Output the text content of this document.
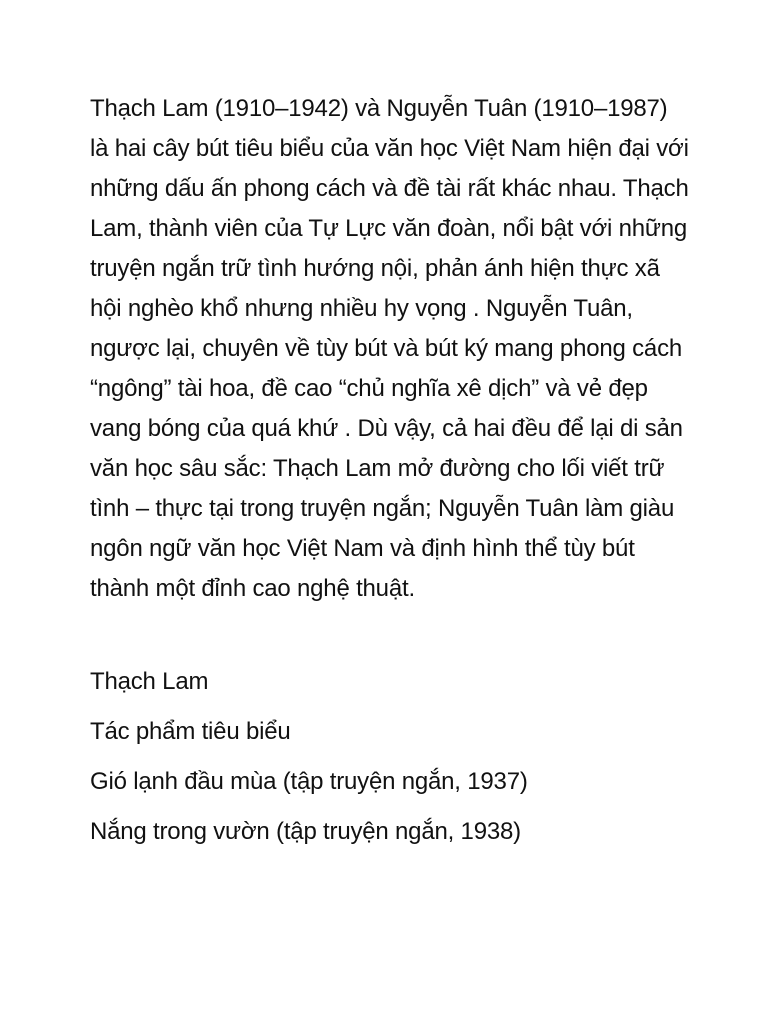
Thạch Lam (1910–1942) và Nguyễn Tuân (1910–1987) là hai cây bút tiêu biểu của văn học Việt Nam hiện đại với những dấu ấn phong cách và đề tài rất khác nhau. Thạch Lam, thành viên của Tự Lực văn đoàn, nổi bật với những truyện ngắn trữ tình hướng nội, phản ánh hiện thực xã hội nghèo khổ nhưng nhiều hy vọng . Nguyễn Tuân, ngược lại, chuyên về tùy bút và bút ký mang phong cách “ngông” tài hoa, đề cao “chủ nghĩa xê dịch” và vẻ đẹp vang bóng của quá khứ . Dù vậy, cả hai đều để lại di sản văn học sâu sắc: Thạch Lam mở đường cho lối viết trữ tình – thực tại trong truyện ngắn; Nguyễn Tuân làm giàu ngôn ngữ văn học Việt Nam và định hình thể tùy bút thành một đỉnh cao nghệ thuật.

Thạch Lam

Tác phẩm tiêu biểu

Gió lạnh đầu mùa (tập truyện ngắn, 1937)

Nắng trong vườn (tập truyện ngắn, 1938)
